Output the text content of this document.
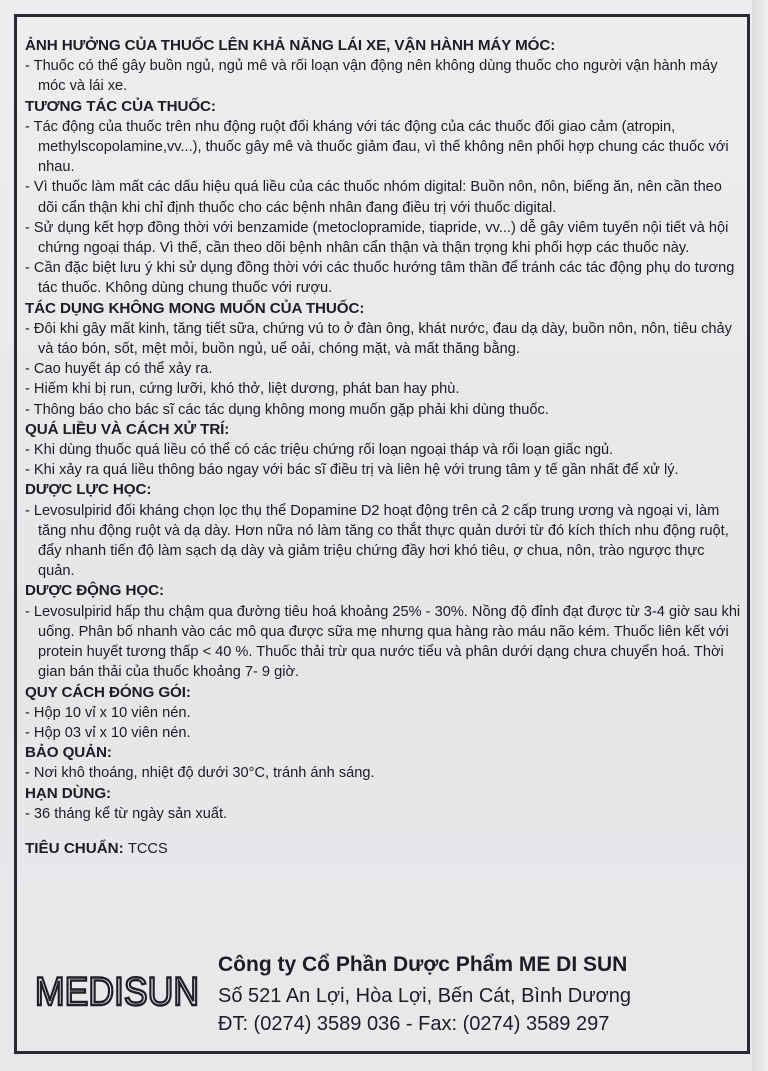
ẢNH HƯỞNG CỦA THUỐC LÊN KHẢ NĂNG LÁI XE, VẬN HÀNH MÁY MÓC:

- Thuốc có thể gây buồn ngủ, ngủ mê và rối loạn vận động nên không dùng thuốc cho người vận hành máy móc và lái xe.

TƯƠNG TÁC CỦA THUỐC:

- Tác động của thuốc trên nhu động ruột đối kháng với tác động của các thuốc đối giao cảm (atropin, methylscopolamine,vv...), thuốc gây mê và thuốc giảm đau, vì thế không nên phối hợp chung các thuốc với nhau.

- Vì thuốc làm mất các dấu hiệu quá liều của các thuốc nhóm digital: Buồn nôn, nôn, biếng ăn, nên cần theo dõi cẩn thận khi chỉ định thuốc cho các bệnh nhân đang điều trị với thuốc digital.

- Sử dụng kết hợp đồng thời với benzamide (metoclopramide, tiapride, vv...) dễ gây viêm tuyến nội tiết và hội chứng ngoại tháp. Vì thế, cần theo dõi bệnh nhân cẩn thận và thận trọng khi phối hợp các thuốc này.

- Cần đặc biệt lưu ý khi sử dụng đồng thời với các thuốc hướng tâm thần để tránh các tác động phụ do tương tác thuốc. Không dùng chung thuốc với rượu.

TÁC DỤNG KHÔNG MONG MUỐN CỦA THUỐC:

- Đôi khi gây mất kinh, tăng tiết sữa, chứng vú to ở đàn ông, khát nước, đau dạ dày, buồn nôn, nôn, tiêu chảy và táo bón, sốt, mệt mỏi, buồn ngủ, uể oải, chóng mặt, và mất thăng bằng.

- Cao huyết áp có thể xảy ra.

- Hiếm khi bị run, cứng lưỡi, khó thở, liệt dương, phát ban hay phù.

- Thông báo cho bác sĩ các tác dụng không mong muốn gặp phải khi dùng thuốc.

QUÁ LIỀU VÀ CÁCH XỬ TRÍ:

- Khi dùng thuốc quá liều có thể có các triệu chứng rối loạn ngoại tháp và rối loạn giấc ngủ.

- Khi xảy ra quá liều thông báo ngay với bác sĩ điều trị và liên hệ với trung tâm y tế gần nhất để xử lý.

DƯỢC LỰC HỌC:

- Levosulpirid đối kháng chọn lọc thụ thể Dopamine D2 hoạt động trên cả 2 cấp trung ương và ngoại vi, làm tăng nhu động ruột và dạ dày. Hơn nữa nó làm tăng co thắt thực quản dưới từ đó kích thích nhu động ruột, đẩy nhanh tiến độ làm sạch dạ dày và giảm triệu chứng đầy hơi khó tiêu, ợ chua, nôn, trào ngược thực quản.

DƯỢC ĐỘNG HỌC:

- Levosulpirid hấp thu chậm qua đường tiêu hoá khoảng 25% - 30%. Nồng độ đỉnh đạt được từ 3-4 giờ sau khi uống. Phân bố nhanh vào các mô qua được sữa mẹ nhưng qua hàng rào máu não kém. Thuốc liên kết với protein huyết tương thấp < 40 %. Thuốc thải trừ qua nước tiểu và phân dưới dạng chưa chuyển hoá. Thời gian bán thải của thuốc khoảng 7- 9 giờ.

QUY CÁCH ĐÓNG GÓI:

- Hộp 10 vỉ x 10 viên nén.

- Hộp 03 vỉ x 10 viên nén.

BẢO QUẢN:

- Nơi khô thoáng, nhiệt độ dưới 30°C, tránh ánh sáng.

HẠN DÙNG:

- 36 tháng kể từ ngày sản xuất.

TIÊU CHUẨN: TCCS

MEDISUN
Công ty Cổ Phần Dược Phẩm ME DI SUN
Số 521 An Lợi, Hòa Lợi, Bến Cát, Bình Dương
ĐT: (0274) 3589 036 - Fax: (0274) 3589 297
